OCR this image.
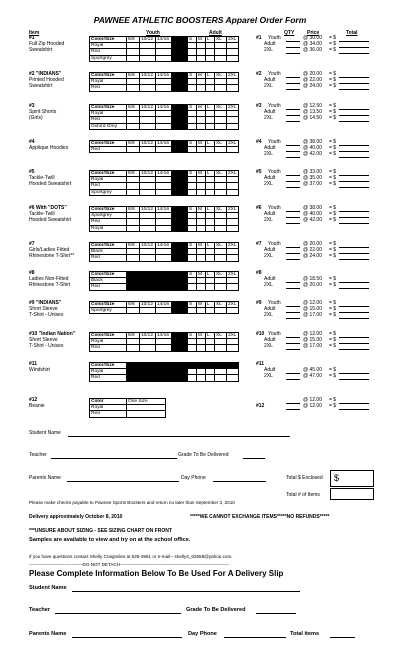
PAWNEE ATHLETIC BOOSTERS Apparel Order Form
Item	Youth	Adult	QTY	Price	Total
#1
Full Zip Hooded
Sweatshirt
Color/Size	6/8	10/12	14/16		S	M	L	XL	2XL
Royal									
Red									
Sportgrey									
#1 Youth	@ 30.00 = $
Adult	@ 34.00 = $
2XL	@ 36.00 = $
#2 "INDIANS"
Printed Hooded
Sweatshirt
Color/Size	6/8	10/12	14/16		S	M	L	XL	2XL
Royal									
Red									
#2 Youth	@ 20.00 = $
Adult	@ 22.00 = $
2XL	@ 24.00 = $
#3
Spirit Shorts
(Girls)
Color/Size	6/8	10/12	14/16		S	M	L	XL	2XL
Royal									
Red									
Oxford Grey									
#3 Youth	@ 12.50 = $
Adult	@ 13.50 = $
2XL	@ 14.50 = $
#4
Applique Hoodies
Color/Size	6/8	10/12	14/16		S	M	L	XL	2XL
Red									
#4 Youth	@ 38.00 = $
Adult	@ 40.00 = $
2XL	@ 42.00 = $
#5
Tackle-Twill
Hooded Sweatshirt
Color/Size	6/8	10/12	14/16		S	M	L	XL	2XL
Royal									
Red									
Sportgrey									
#5 Youth	@ 33.00 = $
Adult	@ 35.00 = $
2XL	@ 37.00 = $
#6 With "DOTS"
Tackle-Twill
Hooded Sweatshirt
Color/Size	6/8	10/12	14/16		S	M	L	XL	2XL
Sportgrey									
Red									
Royal									
#6 Youth	@ 38.00 = $
Adult	@ 40.00 = $
2XL	@ 42.00 = $
#7
Girls/Ladies Fitted
Rhinestone T-Shirt**
Color/Size	6/8	10/12	14/16		S	M	L	XL	2XL
Black									
Red									
#7 Youth	@ 20.00 = $
Adult	@ 22.00 = $
2XL	@ 24.00 = $
#8
Ladies Non-Fitted
Rhinestone T-Shirt
Color/Size					S	M	L	XL	2XL
Black									
Red									
#8
Adult	@ 18.50 = $
2XL	@ 20.00 = $
#9 "INDIANS"
Short Sleeve
T-Shirt - Unisex
Color/Size	6/8	10/12	14/16		S	M	L	XL	2XL
Sportgrey									
#9 Youth	@ 12.00 = $
Adult	@ 15.00 = $
2XL	@ 17.00 = $
#10 "Indian Nation"
Short Sleeve
T-Shirt - Unisex
Color/Size	6/8	10/12	14/16		S	M	L	XL	2XL
Royal									
Red									
#10 Youth	@ 12.00 = $
Adult	@ 15.00 = $
2XL	@ 17.00 = $
#11
Windshirt
Color/Size									
Royal									
Red									
#11
Adult	@ 45.00 = $
2XL	@ 47.00 = $
#12
Beanie
Color	One Size
Royal	
Red	
#12
@ 12.00 = $
@ 12.00 = $
Student Name
Teacher	Grade To Be Delivered
Parents Name	Day Phone	Total $ Enclosed $
Total # of Items
Please make checks payable to Pawnee Sports Boosters and return no later than September 3, 2010
Delivery approximately October 8, 2010	*****WE CANNOT EXCHANGE ITEMS*****NO REFUNDS*****
***UNSURE ABOUT SIZING - SEE SIZING CHART ON FRONT
Samples are available to view and try on at the school office.
If you have questions contact Shelly Craigmiles at 625-3961 or e-mail-- shelly4_62558@yahoo.com.
-----------------------------------DO NOT DETACH-----------------------------------------------------------------------
Please Complete Information Below To Be Used For A Delivery Slip
Student Name
Teacher	Grade To Be Delivered
Parents Name	Day Phone	Total items
